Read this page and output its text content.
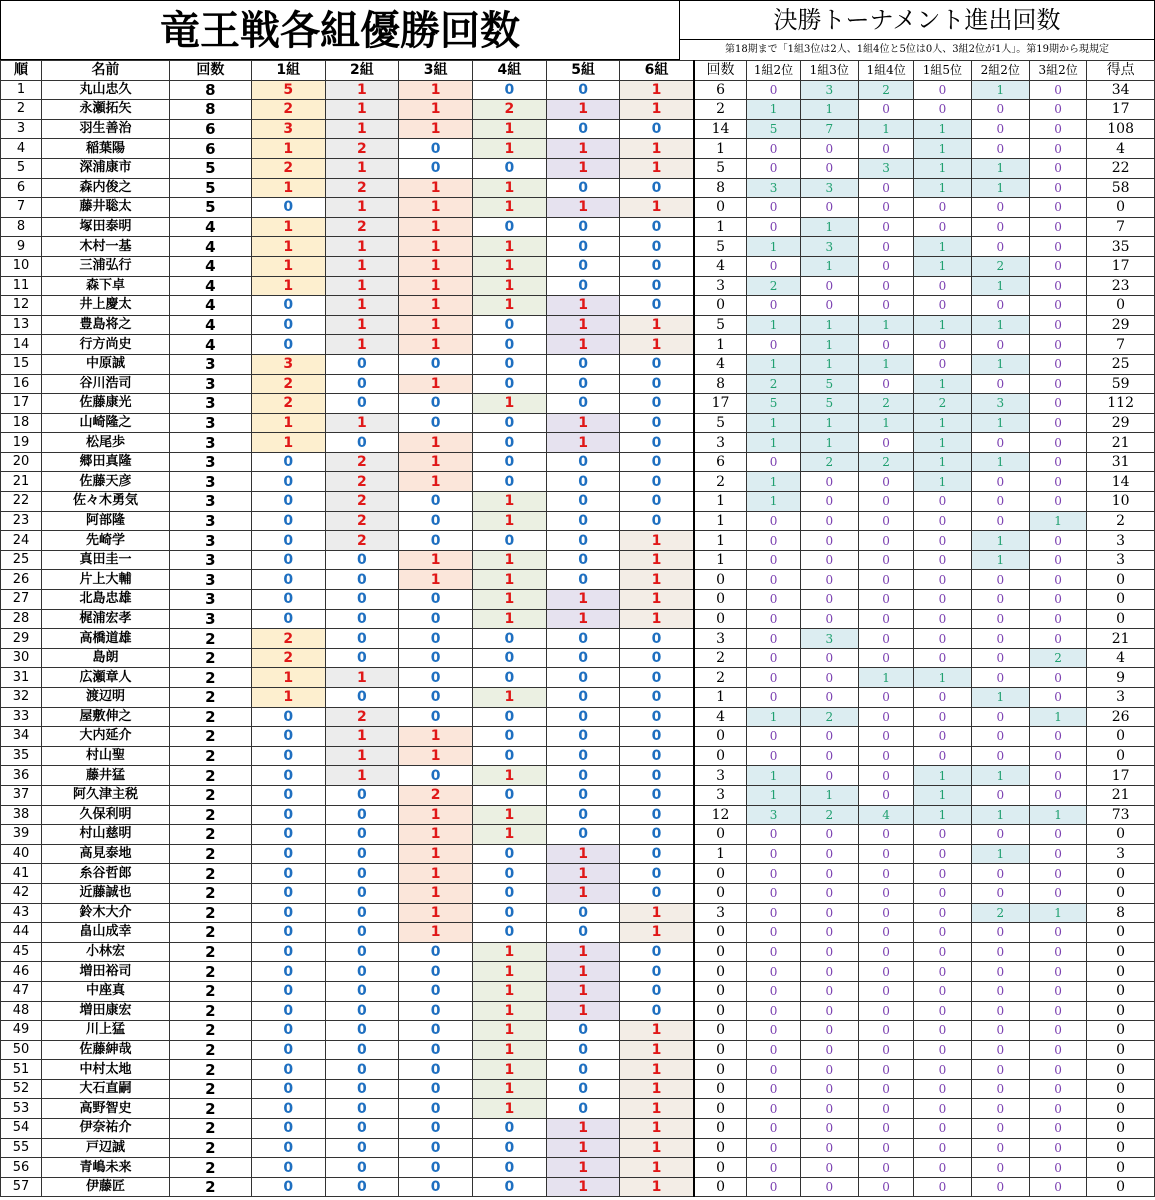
竜王戦各組優勝回数	決勝トーナメント進出回数
第18期まで「1組3位は2人、1組4位と5位は0人、3組2位が1人」。第19期から現規定
順	名前	回数	1組	2組	3組	4組	5組	6組	回数	1組2位	1組3位	1組4位	1組5位	2組2位	3組2位	得点
1	丸山忠久	8	5	1	1	0	0	1	6	0	3	2	0	1	0	34
2	永瀬拓矢	8	2	1	1	2	1	1	2	1	1	0	0	0	0	17
3	羽生善治	6	3	1	1	1	0	0	14	5	7	1	1	0	0	108
4	稲葉陽	6	1	2	0	1	1	1	1	0	0	0	1	0	0	4
5	深浦康市	5	2	1	0	0	1	1	5	0	0	3	1	1	0	22
6	森内俊之	5	1	2	1	1	0	0	8	3	3	0	1	1	0	58
7	藤井聡太	5	0	1	1	1	1	1	0	0	0	0	0	0	0	0
8	塚田泰明	4	1	2	1	0	0	0	1	0	1	0	0	0	0	7
9	木村一基	4	1	1	1	1	0	0	5	1	3	0	1	0	0	35
10	三浦弘行	4	1	1	1	1	0	0	4	0	1	0	1	2	0	17
11	森下卓	4	1	1	1	1	0	0	3	2	0	0	0	1	0	23
12	井上慶太	4	0	1	1	1	1	0	0	0	0	0	0	0	0	0
13	豊島将之	4	0	1	1	0	1	1	5	1	1	1	1	1	0	29
14	行方尚史	4	0	1	1	0	1	1	1	0	1	0	0	0	0	7
15	中原誠	3	3	0	0	0	0	0	4	1	1	1	0	1	0	25
16	谷川浩司	3	2	0	1	0	0	0	8	2	5	0	1	0	0	59
17	佐藤康光	3	2	0	0	1	0	0	17	5	5	2	2	3	0	112
18	山崎隆之	3	1	1	0	0	1	0	5	1	1	1	1	1	0	29
19	松尾歩	3	1	0	1	0	1	0	3	1	1	0	1	0	0	21
20	郷田真隆	3	0	2	1	0	0	0	6	0	2	2	1	1	0	31
21	佐藤天彦	3	0	2	1	0	0	0	2	1	0	0	1	0	0	14
22	佐々木勇気	3	0	2	0	1	0	0	1	1	0	0	0	0	0	10
23	阿部隆	3	0	2	0	1	0	0	1	0	0	0	0	0	1	2
24	先崎学	3	0	2	0	0	0	1	1	0	0	0	0	1	0	3
25	真田圭一	3	0	0	1	1	0	1	1	0	0	0	0	1	0	3
26	片上大輔	3	0	0	1	1	0	1	0	0	0	0	0	0	0	0
27	北島忠雄	3	0	0	0	1	1	1	0	0	0	0	0	0	0	0
28	梶浦宏孝	3	0	0	0	1	1	1	0	0	0	0	0	0	0	0
29	高橋道雄	2	2	0	0	0	0	0	3	0	3	0	0	0	0	21
30	島朗	2	2	0	0	0	0	0	2	0	0	0	0	0	2	4
31	広瀬章人	2	1	1	0	0	0	0	2	0	0	1	1	0	0	9
32	渡辺明	2	1	0	0	1	0	0	1	0	0	0	0	1	0	3
33	屋敷伸之	2	0	2	0	0	0	0	4	1	2	0	0	0	1	26
34	大内延介	2	0	1	1	0	0	0	0	0	0	0	0	0	0	0
35	村山聖	2	0	1	1	0	0	0	0	0	0	0	0	0	0	0
36	藤井猛	2	0	1	0	1	0	0	3	1	0	0	1	1	0	17
37	阿久津主税	2	0	0	2	0	0	0	3	1	1	0	1	0	0	21
38	久保利明	2	0	0	1	1	0	0	12	3	2	4	1	1	1	73
39	村山慈明	2	0	0	1	1	0	0	0	0	0	0	0	0	0	0
40	高見泰地	2	0	0	1	0	1	0	1	0	0	0	0	1	0	3
41	糸谷哲郎	2	0	0	1	0	1	0	0	0	0	0	0	0	0	0
42	近藤誠也	2	0	0	1	0	1	0	0	0	0	0	0	0	0	0
43	鈴木大介	2	0	0	1	0	0	1	3	0	0	0	0	2	1	8
44	畠山成幸	2	0	0	1	0	0	1	0	0	0	0	0	0	0	0
45	小林宏	2	0	0	0	1	1	0	0	0	0	0	0	0	0	0
46	増田裕司	2	0	0	0	1	1	0	0	0	0	0	0	0	0	0
47	中座真	2	0	0	0	1	1	0	0	0	0	0	0	0	0	0
48	増田康宏	2	0	0	0	1	1	0	0	0	0	0	0	0	0	0
49	川上猛	2	0	0	0	1	0	1	0	0	0	0	0	0	0	0
50	佐藤紳哉	2	0	0	0	1	0	1	0	0	0	0	0	0	0	0
51	中村太地	2	0	0	0	1	0	1	0	0	0	0	0	0	0	0
52	大石直嗣	2	0	0	0	1	0	1	0	0	0	0	0	0	0	0
53	高野智史	2	0	0	0	1	0	1	0	0	0	0	0	0	0	0
54	伊奈祐介	2	0	0	0	0	1	1	0	0	0	0	0	0	0	0
55	戸辺誠	2	0	0	0	0	1	1	0	0	0	0	0	0	0	0
56	青嶋未来	2	0	0	0	0	1	1	0	0	0	0	0	0	0	0
57	伊藤匠	2	0	0	0	0	1	1	0	0	0	0	0	0	0	0
